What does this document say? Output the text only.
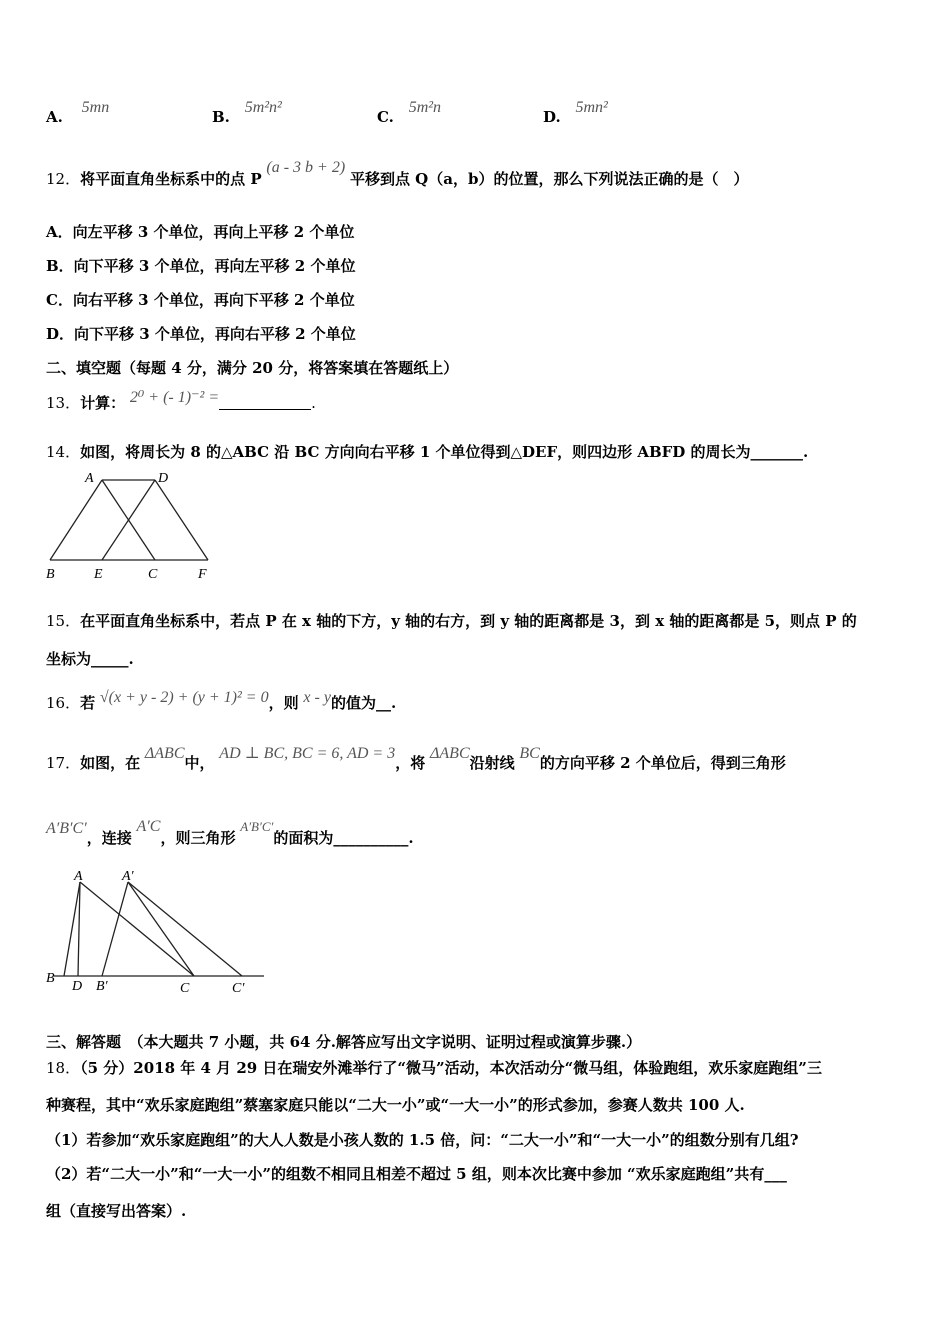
A. 5mn
B. 5m²n²
C. 5m²n
D. 5mn²
12．将平面直角坐标系中的点 P (a - 3 b + 2) 平移到点 Q（a，b）的位置，那么下列说法正确的是（　）
A．向左平移 3 个单位，再向上平移 2 个单位
B．向下平移 3 个单位，再向左平移 2 个单位
C．向右平移 3 个单位，再向下平移 2 个单位
D．向下平移 3 个单位，再向右平移 2 个单位
二、填空题（每题 4 分，满分 20 分，将答案填在答题纸上）
13．计算： 2⁰ + (- 1)⁻² =	.
14．如图，将周长为 8 的△ABC 沿 BC 方向向右平移 1 个单位得到△DEF，则四边形 ABFD 的周长为_______.
A	D
B	E	C	F
15．在平面直角坐标系中，若点 P 在 x 轴的下方，y 轴的右方，到 y 轴的距离都是 3，到 x 轴的距离都是 5，则点 P 的
坐标为_____.
16．若 √(x + y - 2) + (y + 1)² = 0，则 x - y的值为__.
17．如图，在 ΔABC中， AD ⊥ BC, BC = 6, AD = 3，将 ΔABC沿射线 BC的方向平移 2 个单位后，得到三角形
A′B′C′，连接 A′C，则三角形 A′B′C′的面积为__________.
A	A′
B
D B′	C	C′
三、解答题　（本大题共 7 小题，共 64 分.解答应写出文字说明、证明过程或演算步骤.）
18．（5 分）2018 年 4 月 29 日在瑞安外滩举行了“微马”活动，本次活动分“微马组，体验跑组，欢乐家庭跑组”三
种赛程，其中“欢乐家庭跑组”蔡塞家庭只能以“二大一小”或“一大一小”的形式参加，参赛人数共 100 人.
（1）若参加“欢乐家庭跑组”的大人人数是小孩人数的 1.5 倍，问：“二大一小”和“一大一小”的组数分别有几组?
（2）若“二大一小”和“一大一小”的组数不相同且相差不超过 5 组，则本次比赛中参加 “欢乐家庭跑组”共有___
组（直接写出答案）.
